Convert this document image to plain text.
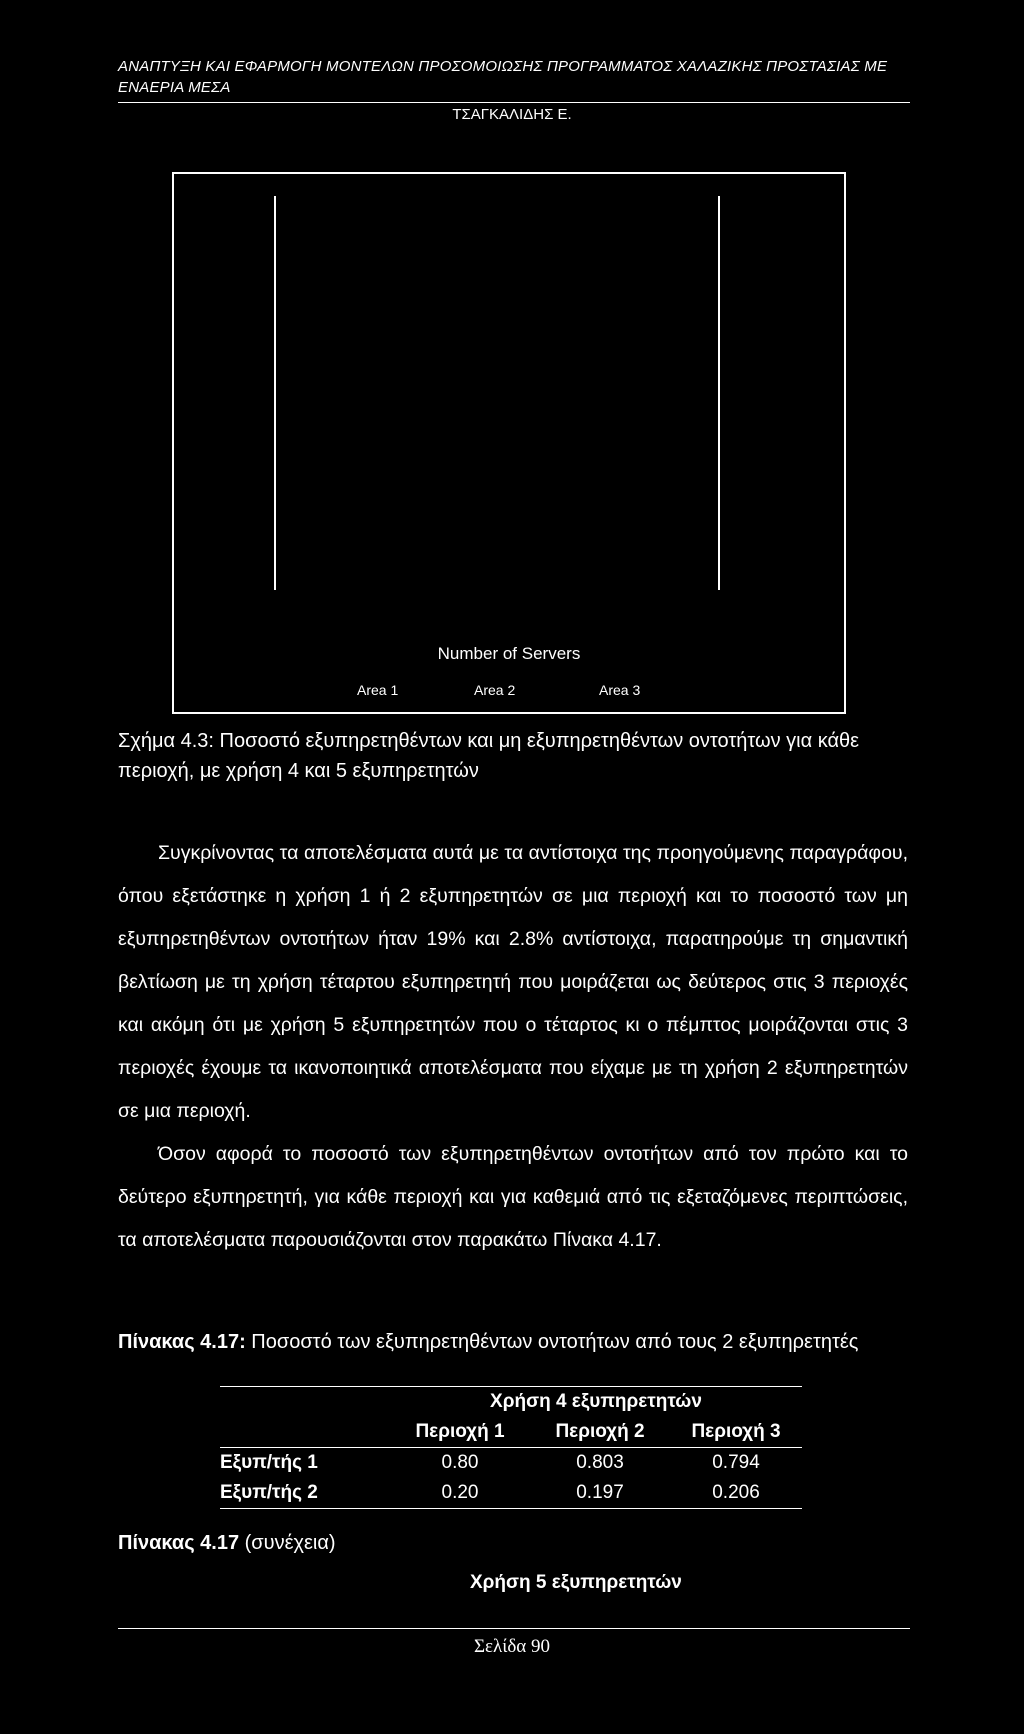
ΑΝΑΠΤΥΞΗ ΚΑΙ ΕΦΑΡΜΟΓΗ ΜΟΝΤΕΛΩΝ ΠΡΟΣΟΜΟΙΩΣΗΣ ΠΡΟΓΡΑΜΜΑΤΟΣ ΧΑΛΑΖΙΚΗΣ ΠΡΟΣΤΑΣΙΑΣ ΜΕ ΕΝΑΕΡΙΑ ΜΕΣΑ
ΤΣΑΓΚΑΛΙΔΗΣ Ε.
Number of Servers
Area 1	Area 2	Area 3
Σχήμα 4.3: Ποσοστό εξυπηρετηθέντων και μη εξυπηρετηθέντων οντοτήτων για κάθε περιοχή, με χρήση 4 και 5 εξυπηρετητών

Συγκρίνοντας τα αποτελέσματα αυτά με τα αντίστοιχα της προηγούμενης παραγράφου, όπου εξετάστηκε η χρήση 1 ή 2 εξυπηρετητών σε μια περιοχή και το ποσοστό των μη εξυπηρετηθέντων οντοτήτων ήταν 19% και 2.8% αντίστοιχα, παρατηρούμε τη σημαντική βελτίωση με τη χρήση τέταρτου εξυπηρετητή που μοιράζεται ως δεύτερος στις 3 περιοχές και ακόμη ότι με χρήση 5 εξυπηρετητών που ο τέταρτος κι ο πέμπτος μοιράζονται στις 3 περιοχές έχουμε τα ικανοποιητικά αποτελέσματα που είχαμε με τη χρήση 2 εξυπηρετητών σε μια περιοχή.

Όσον αφορά το ποσοστό των εξυπηρετηθέντων οντοτήτων από τον πρώτο και το δεύτερο εξυπηρετητή, για κάθε περιοχή και για καθεμιά από τις εξεταζόμενες περιπτώσεις, τα αποτελέσματα παρουσιάζονται στον παρακάτω Πίνακα 4.17.

Πίνακας 4.17: Ποσοστό των εξυπηρετηθέντων οντοτήτων από τους 2 εξυπηρετητές
	Χρήση 4 εξυπηρετητών		
	Περιοχή 1	Περιοχή 2	Περιοχή 3
Εξυπ/τής 1	0.80	0.803	0.794
Εξυπ/τής 2	0.20	0.197	0.206
Πίνακας 4.17 (συνέχεια)
Χρήση 5 εξυπηρετητών
Σελίδα 90
